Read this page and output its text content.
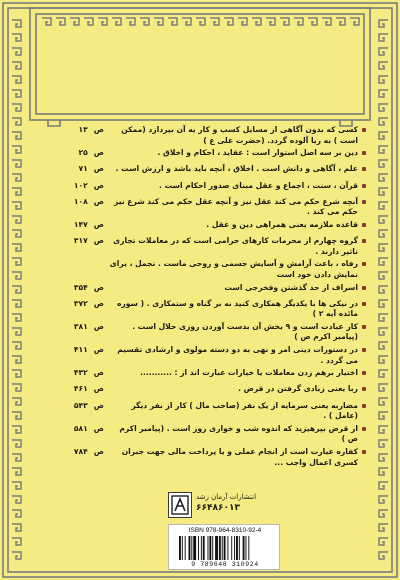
کسی که بدون آگاهی از مسایل کسب و کار به آن بپردازد (ممکن است ) به ربا آلوده گردد. (حضرت علی ع )
ص۱۳
دین بر سه اصل استوار است : عقاید ، احکام و اخلاق .
ص۲۵
علم ، آگاهی و دانش است . اخلاق ، آنچه باید باشد و ارزش است .
ص۷۱
قرآن ، سنت ، اجماع و عقل مبنای صدور احکام است .
ص۱۰۲
آنچه شرع حکم می کند عقل نیز و آنچه عقل حکم می کند شرع نیز حکم می کند .
ص۱۰۸
قاعده ملازمه یعنی همراهی دین و عقل .
ص۱۴۷
گروه چهارم از محرمات کارهای حرامی است که در معاملات تجاری تاثیر دارند .
ص۳۱۷
رفاه ، باعث آرامش و آسایش جسمی و روحی ماست . تجمل ، برای نمایش دادن خود است
اسراف از حد گذشتن وفخرجی است
ص۳۵۴
در نیکی ها با یکدیگر همکاری کنید نه بر گناه و ستمکاری . ( سوره مائده آیه ۲ )
ص۳۷۲
کار عبادت است و ۹ بخش آن بدست آوردن روزی حلال است . (پیامبر اکرم ص )
ص۳۸۱
در دستورات دینی امر و نهی به دو دسته مولوی و ارشادی تقسیم می گردد .
ص۴۱۱
اختیار برهم زدن معاملات یا خیارات عبارت اند از : ...........
ص۴۳۲
ربا یعنی زیادی گرفتن در قرض .
ص۴۶۱
مضاربه یعنی سرمایه از یک نفر (صاحب مال ) کار از نفر دیگر (عامل ) .
ص۵۴۳
از قرض بپرهیزید که اندوه شب و خواری روز است . (پیامبر اکرم ص )
ص۵۸۱
کفاره عبارت است از انجام عملی و یا پرداخت مالی جهت جبران کسری اعمال واجب ...
ص۷۸۴
انتشارات آرمان رشد
۶۶۴۸۶۰۱۳
ISBN 978-964-8310-92-4
9 789648 310924
